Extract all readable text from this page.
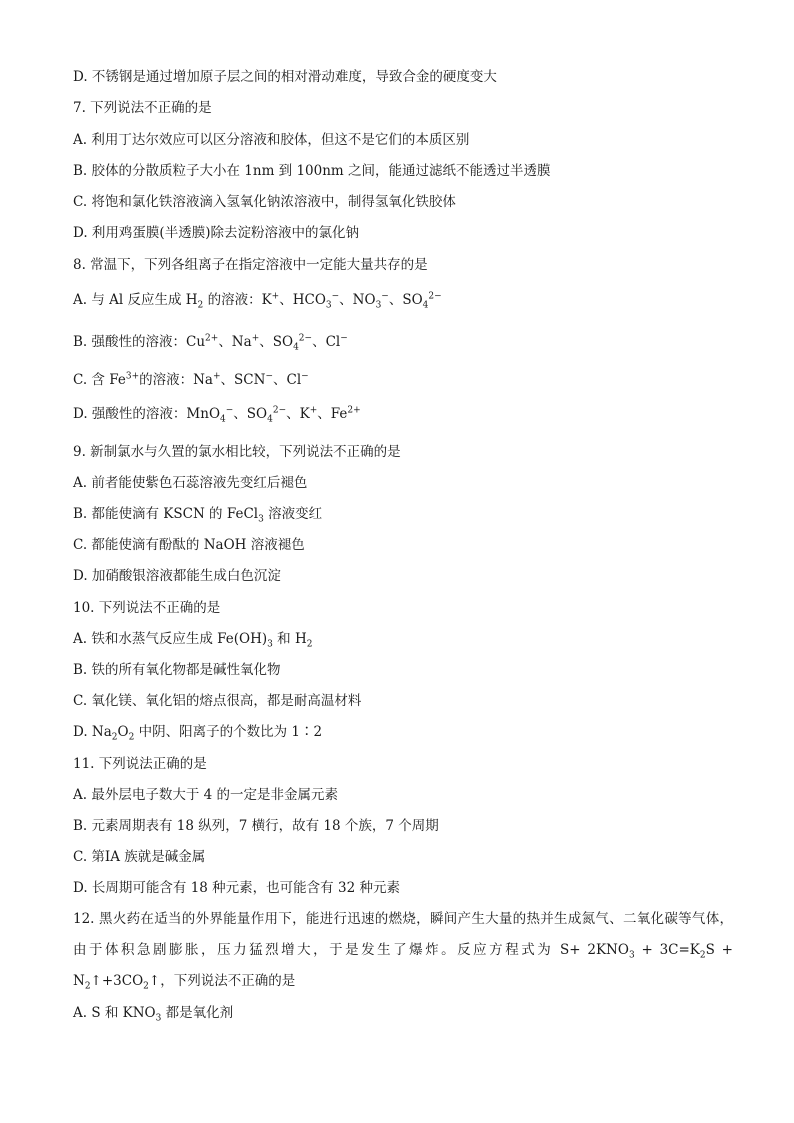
D. 不锈钢是通过增加原子层之间的相对滑动难度，导致合金的硬度变大
7. 下列说法不正确的是
A. 利用丁达尔效应可以区分溶液和胶体，但这不是它们的本质区别
B. 胶体的分散质粒子大小在 1nm 到 100nm 之间，能通过滤纸不能透过半透膜
C. 将饱和氯化铁溶液滴入氢氧化钠浓溶液中，制得氢氧化铁胶体
D. 利用鸡蛋膜(半透膜)除去淀粉溶液中的氯化钠
8. 常温下，下列各组离子在指定溶液中一定能大量共存的是
A. 与 Al 反应生成 $H_2$ 的溶液：K+、$HCO_3^-$、$NO_3^-$、$SO_4^{2-}$
B. 强酸性的溶液：$Cu^{2+}$、Na+、$SO_4^{2-}$、Cl−
C. 含 $Fe^{3+}$的溶液：Na+、SCN−、Cl−
D. 强酸性的溶液：MnO$_4$−、$SO_4^{2-}$、K+、$Fe^{2+}$
9. 新制氯水与久置的氯水相比较，下列说法不正确的是
A. 前者能使紫色石蕊溶液先变红后褪色
B. 都能使滴有 KSCN 的 FeCl$_3$ 溶液变红
C. 都能使滴有酚酞的 NaOH 溶液褪色
D. 加硝酸银溶液都能生成白色沉淀
10. 下列说法不正确的是
A. 铁和水蒸气反应生成 $Fe(OH)_3$ 和 $H_2$
B. 铁的所有氧化物都是碱性氧化物
C. 氧化镁、氧化铝的熔点很高，都是耐高温材料
D. $Na_2O_2$ 中阴、阳离子的个数比为 1∶2
11. 下列说法正确的是
A. 最外层电子数大于 4 的一定是非金属元素
B. 元素周期表有 18 纵列，7 横行，故有 18 个族，7 个周期
C. 第ⅠA 族就是碱金属
D. 长周期可能含有 18 种元素，也可能含有 32 种元素
12. 黑火药在适当的外界能量作用下，能进行迅速的燃烧，瞬间产生大量的热并生成氮气、二氧化碳等气体，由于体积急剧膨胀，压力猛烈增大，于是发生了爆炸。反应方程式为 $S+ 2KNO_3 + 3C=K_2S$ + $N_2↑+3CO_2↑$，下列说法不正确的是
A. S 和 $KNO_3$ 都是氧化剂
